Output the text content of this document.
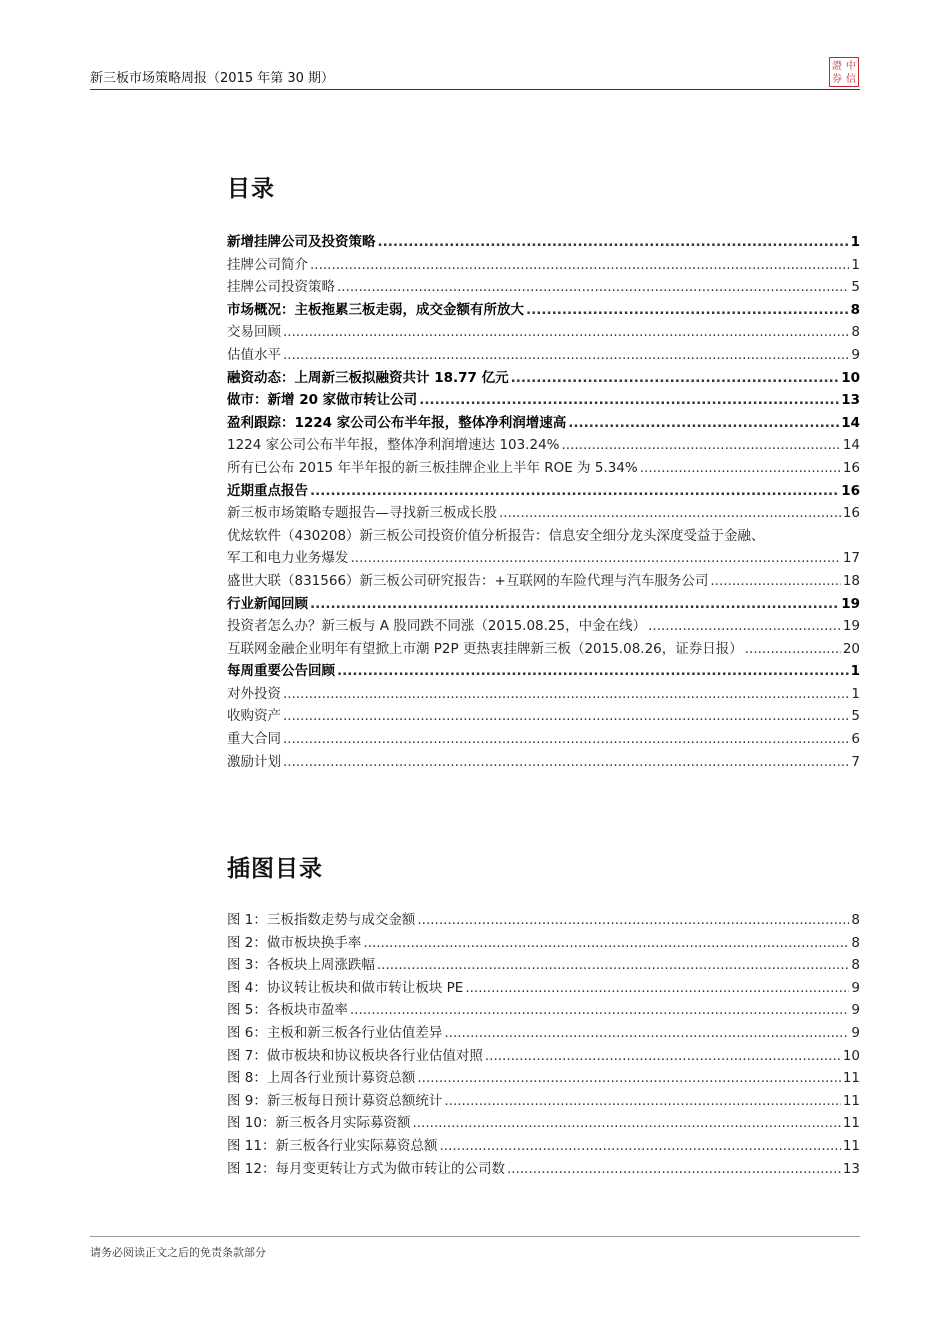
新三板市场策略周报（2015 年第 30 期）
中
信
證
券
目录
新增挂牌公司及投资策略 .....	1
挂牌公司简介 .....	1
挂牌公司投资策略 .....	5
市场概况：主板拖累三板走弱，成交金额有所放大 .....	8
交易回顾 .....	8
估值水平 .....	9
融资动态：上周新三板拟融资共计 18.77 亿元 .....	10
做市：新增 20 家做市转让公司 .....	13
盈利跟踪：1224 家公司公布半年报，整体净利润增速高 .....	14
1224 家公司公布半年报，整体净利润增速达 103.24% .....	14
所有已公布 2015 年半年报的新三板挂牌企业上半年 ROE 为 5.34% .....	16
近期重点报告 .....	16
新三板市场策略专题报告—寻找新三板成长股 .....	16
优炫软件（430208）新三板公司投资价值分析报告：信息安全细分龙头深度受益于金融、
军工和电力业务爆发 .....	17
盛世大联（831566）新三板公司研究报告：+互联网的车险代理与汽车服务公司 .....	18
行业新闻回顾 .....	19
投资者怎么办？新三板与 A 股同跌不同涨（2015.08.25，中金在线） .....	19
互联网金融企业明年有望掀上市潮 P2P 更热衷挂牌新三板（2015.08.26，证券日报） .....	20
每周重要公告回顾 .....	1
对外投资 .....	1
收购资产 .....	5
重大合同 .....	6
激励计划 .....	7
插图目录
图 1：三板指数走势与成交金额 .....	8
图 2：做市板块换手率 .....	8
图 3：各板块上周涨跌幅 .....	8
图 4：协议转让板块和做市转让板块 PE .....	9
图 5：各板块市盈率 .....	9
图 6：主板和新三板各行业估值差异 .....	9
图 7：做市板块和协议板块各行业估值对照 .....	10
图 8：上周各行业预计募资总额 .....	11
图 9：新三板每日预计募资总额统计 .....	11
图 10：新三板各月实际募资额 .....	11
图 11：新三板各行业实际募资总额 .....	11
图 12：每月变更转让方式为做市转让的公司数 .....	13
请务必阅读正文之后的免责条款部分
